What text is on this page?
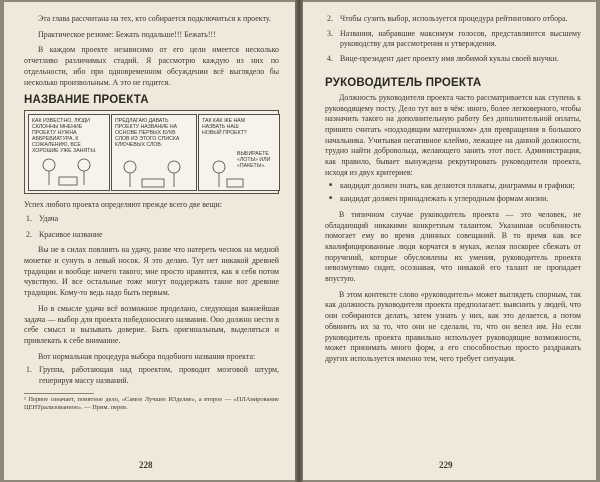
Эта глава рассчитана на тех, кто собирается подключиться к проекту.

Практическое резюме: Бежать подальше!!! Бежать!!!

В каждом проекте независимо от его цели имеется несколько отчетливо различимых стадий. Я рассмотрю каждую из них по отдельности, ибо при одновременном обсуждении всё выглядело бы несколько произвольным. А это не годится.

НАЗВАНИЕ ПРОЕКТА
КАК ИЗВЕСТНО, ЛЮДИ СКЛОННЫ МНЕНИЕ ПРОЕКТУ НУЖНА АББРЕВИАТУРА. К СОЖАЛЕНИЮ, ВСЕ ХОРОШИЕ УЖЕ ЗАНЯТЫ.
ПРЕДЛАГАЮ ДАВАТЬ ПРОЕКТУ НАЗВАНИЕ НА ОСНОВЕ ПЕРВЫХ БУКВ СЛОВ ИЗ ЭТОГО СПИСКА КЛЮЧЕВЫХ СЛОВ.
ТАК КАК ЖЕ НАМ НАЗВАТЬ НАШ НОВЫЙ ПРОЕКТ?
ВЫБИРАЕТЕ «ЛОТЫ» ИЛИ «ПАКЕТЫ».

Успех любого проекта определяют прежде всего две вещи:

1. Удача
2. Красивое название

Вы не в силах повлиять на удачу, разве что натереть чеснок на медной монетке и сунуть в левый носок. Я это делаю. Тут нет никакой древней традиции и вообще ничего такого; мне просто нравится, как я себя потом чувствую. И все остальные тоже могут поддержать такие вот древние традиции. Кому-то ведь надо быть первым.

Но в смысле удачи всё возможное проделано, следующая важнейшая задача — выбор для проекта победоносного названия. Оно должно нести в себе смысл и вызывать доверие. Быть оригинальным, выделяться и привлекать к себе внимание.

Вот нормальная процедура выбора подобного названия проекта:

1. Группа, работающая над проектом, проводит мозговой штурм, генерируя массу названий.

¹ Первое означает, понятное дело, «Самое Лучшее ИЗделие», а второе — «ПЛАнирование ЦЕНТрализованное». — Прим. перев.

228
2. Чтобы сузить выбор, используется процедура рейтингового отбора.
3. Названия, набравшие максимум голосов, представляются высшему руководству для рассмотрения и утверждения.
4. Вице-президент дает проекту имя любимой куклы своей внучки.
РУКОВОДИТЕЛЬ ПРОЕКТА

Должность руководителя проекта часто рассматривается как ступень к руководящему посту. Дело тут вот в чём: иного, более легковерного, чтобы назначить такого на дополнительную работу без дополнительной оплаты, принято считать «подходящим материалом» для превращения в большого начальника. Учитывая негативное клеймо, лежащее на данной должности, трудно найти добровольца, желающего занять этот пост. Администрация, как правило, бывает вынуждена рекрутировать руководителя проекта, исходя из двух критериев:

■ кандидат должен знать, как делаются плакаты, диаграммы и графики;
■ кандидат должен принадлежать к углеродным формам жизни.

В типичном случае руководитель проекта — это человек, не обладающий никакими конкретным талантом. Указанная особенность помогает ему во время длинных совещаний. В то время как все квалифицированные люди корчатся в муках, желая поскорее сбежать от поручений, которые обусловлены их умения, руководитель проекта невозмутимо сидит, осознавая, что никакой его талант не пропадает впустую.

В этом контексте слово «руководитель» может выглядеть спорным, так как должность руководителя проекта предполагает: выяснить у людей, что они собираются делать, затем узнать у них, как это делается, а потом обвинить их за то, что они не сделали, то, что он велел им. Но если руководитель проекта правильно использует руководящие возможности, может принимать много форм, а его способностью просто раздражать других используется именно тем, чего требует ситуация.

229
